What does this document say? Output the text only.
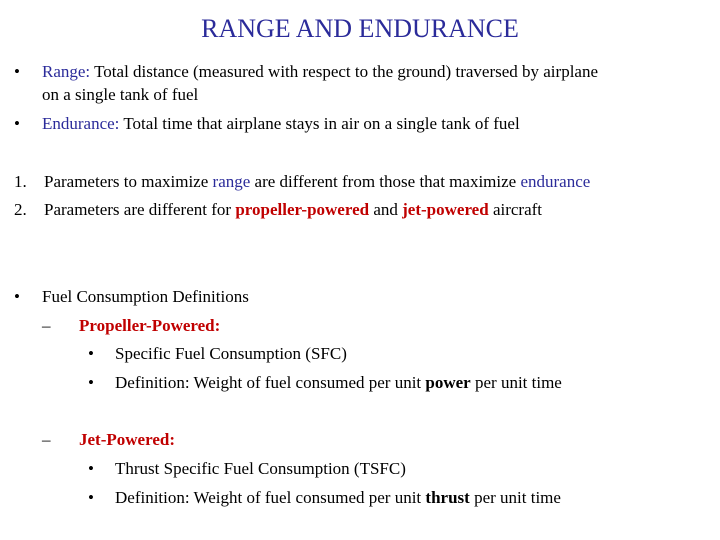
RANGE AND ENDURANCE
• Range: Total distance (measured with respect to the ground) traversed by airplane
on a single tank of fuel
• Endurance: Total time that airplane stays in air on a single tank of fuel
1. Parameters to maximize range are different from those that maximize endurance
2. Parameters are different for propeller-powered and jet-powered aircraft
• Fuel Consumption Definitions
– Propeller-Powered:
• Specific Fuel Consumption (SFC)
• Definition: Weight of fuel consumed per unit power per unit time
– Jet-Powered:
• Thrust Specific Fuel Consumption (TSFC)
• Definition: Weight of fuel consumed per unit thrust per unit time
